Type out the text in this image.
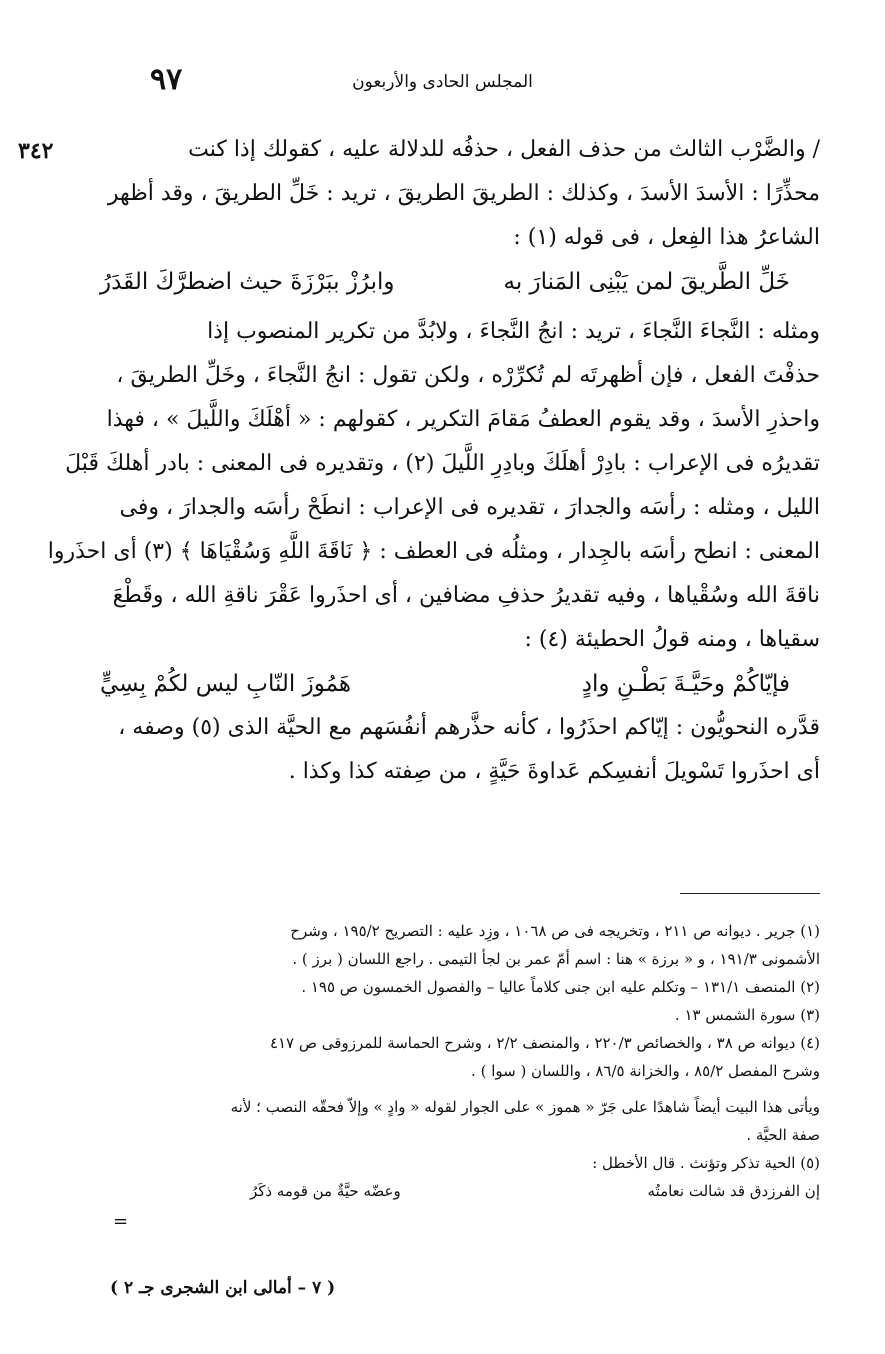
٩٧	المجلس الحادى والأربعون
٣٤٢	/ والضَّرْب الثالث من حذف الفعل ، حذفُه للدلالة عليه ، كقولك إذا كنت
محذِّرًا : الأسدَ الأسدَ ، وكذلك : الطريقَ الطريقَ ، تريد : خَلِّ الطريقَ ، وقد أظهر
الشاعرُ هذا الفِعل ، فى قوله (١) :
خَلِّ الطَّريقَ لمن يَبْنِى المَنارَ به
وابرُزْ ببَرْزَةَ حيث اضطرَّكَ القَدَرُ
ومثله : النَّجاءَ النَّجاءَ ، تريد : انجُ النَّجاءَ ، ولابُدَّ من تكرير المنصوب إذا
حذفْتَ الفعل ، فإن أظهرتَه لم تُكرِّرْه ، ولكن تقول : انجُ النَّجاءَ ، وخَلِّ الطريقَ ،
واحذرِ الأسدَ ، وقد يقوم العطفُ مَقامَ التكرير ، كقولهم : « أهْلَكَ واللَّيلَ » ، فهذا
تقديرُه فى الإعراب : بادِرْ أهلَكَ وبادِرِ اللَّيلَ (٢) ، وتقديره فى المعنى : بادر أهلكَ قَبْلَ
الليل ، ومثله : رأسَه والجدارَ ، تقديره فى الإعراب : انطَحْ رأسَه والجدارَ ، وفى
المعنى : انطح رأسَه بالجِدار ، ومثلُه فى العطف : ﴿ نَاقَةَ اللَّهِ وَسُقْيَاهَا ﴾ (٣) أى احذَروا
ناقةَ الله وسُقْياها ، وفيه تقديرُ حذفِ مضافين ، أى احذَروا عَقْرَ ناقةِ الله ، وقَطْعَ
سقياها ، ومنه قولُ الحطيئة (٤) :
فإيّاكُمْ وحَيَّـةَ بَطْـنِ وادٍ
هَمُوزَ النّابِ ليس لكُمْ بِسِيٍّ
قدَّره النحويُّون : إيّاكم احذَرُوا ، كأنه حذَّرهم أنفُسَهم مع الحيَّة الذى (٥) وصفه ،
أى احذَروا تَسْويلَ أنفسِكم عَداوةَ حَيَّةٍ ، من صِفته كذا وكذا .
(١) جرير . ديوانه ص ٢١١ ، وتخريجه فى ص ١٠٦٨ ، وزِد عليه : التصريح ١٩٥/٢ ، وشرح
الأشمونى ١٩١/٣ ، و « برزة » هنا : اسم أمّ عمر بن لجأ التيمى . راجع اللسان ( برز ) .
(٢) المنصف ١٣١/١ – وتكلم عليه ابن جنى كلاماً عاليا – والفصول الخمسون ص ١٩٥ .
(٣) سورة الشمس ١٣ .
(٤) ديوانه ص ٣٨ ، والخصائص ٢٢٠/٣ ، والمنصف ٢/٢ ، وشرح الحماسة للمرزوقى ص ٤١٧
وشرح المفصل ٨٥/٢ ، والخزانة ٨٦/٥ ، واللسان ( سوا ) .
ويأتى هذا البيت أيضاً شاهدًا على جَرّ « هموز » على الجوار لقوله « وادٍ » وإلاّ فحقّه النصب ؛ لأنه
صفة الحيَّة .
(٥) الحية تذكر وتؤنث . قال الأخطل :
إن الفرزدق قد شالت نعامتُه
وعضّه حيَّةٌ من قومه ذكَرُ
=
( ٧ – أمالى ابن الشجرى جـ ٢ )
